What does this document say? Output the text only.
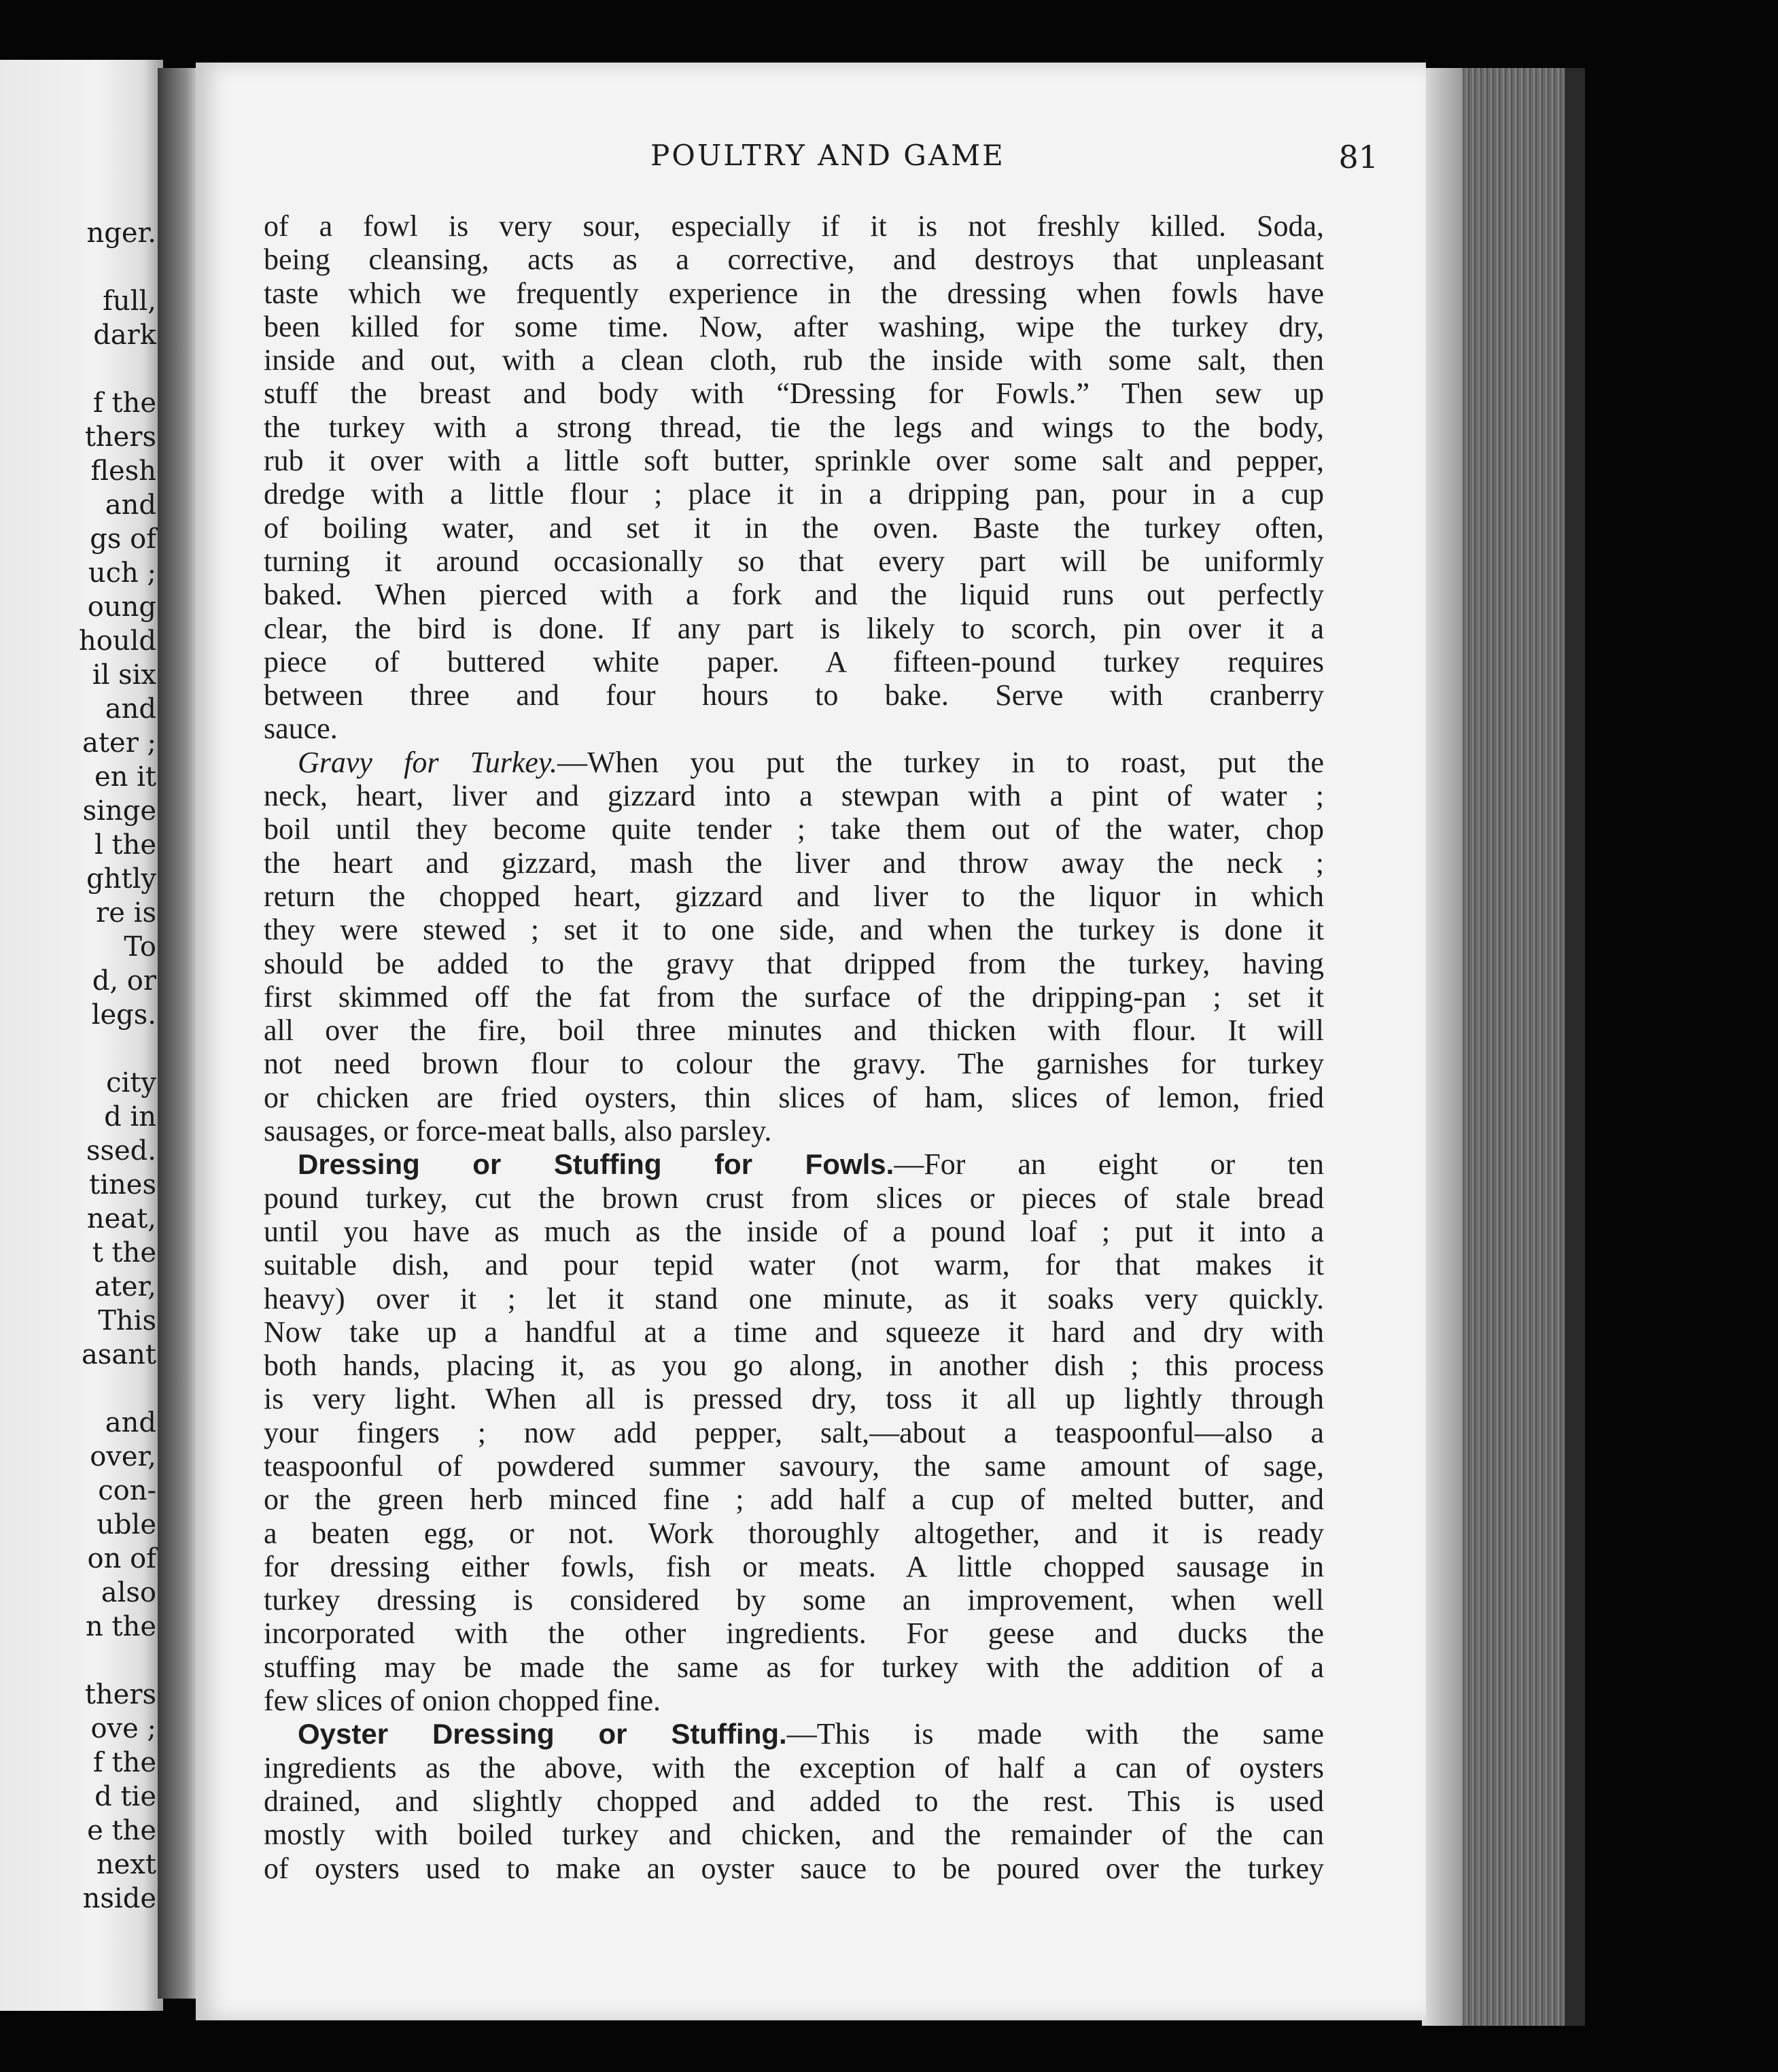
nger.
full,
dark
f the
thers
flesh
and
gs of
uch ;
oung
hould
il six
and
ater ;
en it
singe
l the
ghtly
re is
To
d, or
legs.
city
d in
ssed.
tines
neat,
t the
ater,
This
asant
and
over,
con-
uble
on of
also
n the
thers
ove ;
f the
d tie
e the
next
nside
POULTRY AND GAME	81
of a fowl is very sour, especially if it is not freshly killed. Soda,
being cleansing, acts as a corrective, and destroys that unpleasant
taste which we frequently experience in the dressing when fowls have
been killed for some time. Now, after washing, wipe the turkey dry,
inside and out, with a clean cloth, rub the inside with some salt, then
stuff the breast and body with “Dressing for Fowls.” Then sew up
the turkey with a strong thread, tie the legs and wings to the body,
rub it over with a little soft butter, sprinkle over some salt and pepper,
dredge with a little flour ; place it in a dripping pan, pour in a cup
of boiling water, and set it in the oven. Baste the turkey often,
turning it around occasionally so that every part will be uniformly
baked. When pierced with a fork and the liquid runs out perfectly
clear, the bird is done. If any part is likely to scorch, pin over it a
piece of buttered white paper. A fifteen-pound turkey requires
between three and four hours to bake. Serve with cranberry
sauce.
Gravy for Turkey.—When you put the turkey in to roast, put the
neck, heart, liver and gizzard into a stewpan with a pint of water ;
boil until they become quite tender ; take them out of the water, chop
the heart and gizzard, mash the liver and throw away the neck ;
return the chopped heart, gizzard and liver to the liquor in which
they were stewed ; set it to one side, and when the turkey is done it
should be added to the gravy that dripped from the turkey, having
first skimmed off the fat from the surface of the dripping-pan ; set it
all over the fire, boil three minutes and thicken with flour. It will
not need brown flour to colour the gravy. The garnishes for turkey
or chicken are fried oysters, thin slices of ham, slices of lemon, fried
sausages, or force-meat balls, also parsley.
Dressing or Stuffing for Fowls.—For an eight or ten
pound turkey, cut the brown crust from slices or pieces of stale bread
until you have as much as the inside of a pound loaf ; put it into a
suitable dish, and pour tepid water (not warm, for that makes it
heavy) over it ; let it stand one minute, as it soaks very quickly.
Now take up a handful at a time and squeeze it hard and dry with
both hands, placing it, as you go along, in another dish ; this process
is very light. When all is pressed dry, toss it all up lightly through
your fingers ; now add pepper, salt,—about a teaspoonful—also a
teaspoonful of powdered summer savoury, the same amount of sage,
or the green herb minced fine ; add half a cup of melted butter, and
a beaten egg, or not. Work thoroughly altogether, and it is ready
for dressing either fowls, fish or meats. A little chopped sausage in
turkey dressing is considered by some an improvement, when well
incorporated with the other ingredients. For geese and ducks the
stuffing may be made the same as for turkey with the addition of a
few slices of onion chopped fine.
Oyster Dressing or Stuffing.—This is made with the same
ingredients as the above, with the exception of half a can of oysters
drained, and slightly chopped and added to the rest. This is used
mostly with boiled turkey and chicken, and the remainder of the can
of oysters used to make an oyster sauce to be poured over the turkey
